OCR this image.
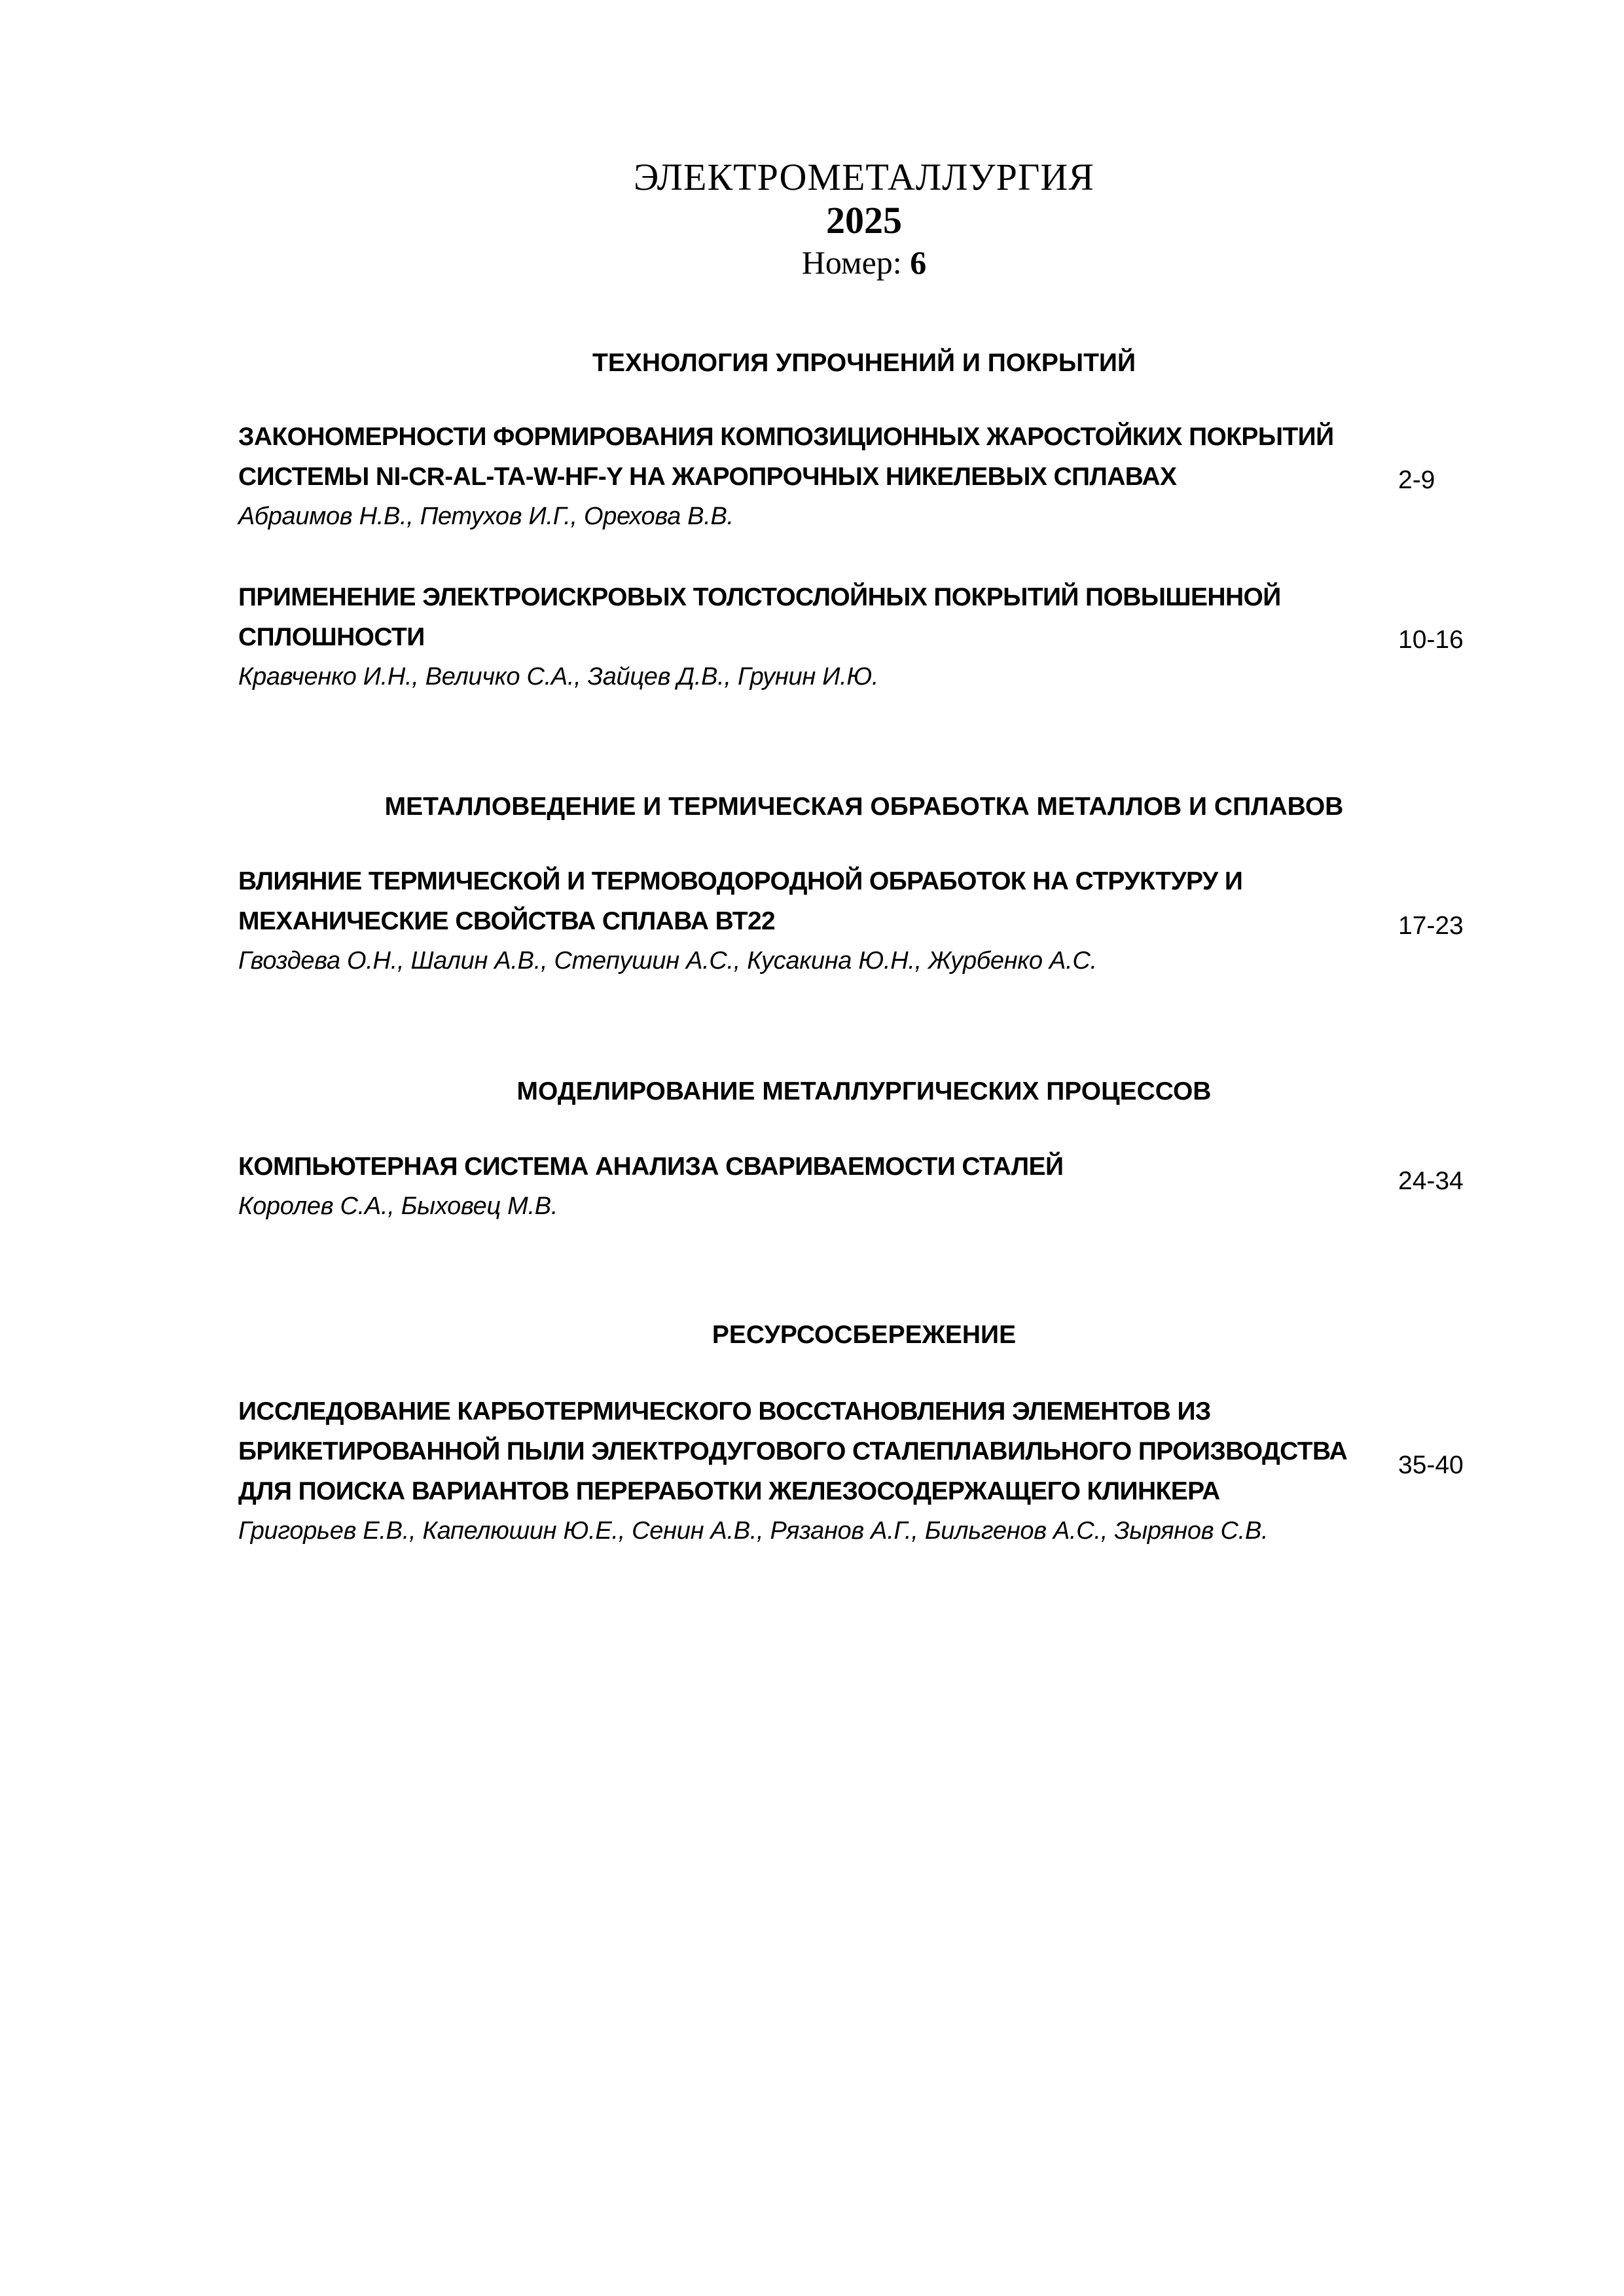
ЭЛЕКТРОМЕТАЛЛУРГИЯ
2025
Номер: 6
ТЕХНОЛОГИЯ УПРОЧНЕНИЙ И ПОКРЫТИЙ
ЗАКОНОМЕРНОСТИ ФОРМИРОВАНИЯ КОМПОЗИЦИОННЫХ ЖАРОСТОЙКИХ ПОКРЫТИЙ
СИСТЕМЫ NI-CR-AL-TA-W-HF-Y НА ЖАРОПРОЧНЫХ НИКЕЛЕВЫХ СПЛАВАХ
Абраимов Н.В., Петухов И.Г., Орехова В.В.
2-9
ПРИМЕНЕНИЕ ЭЛЕКТРОИСКРОВЫХ ТОЛСТОСЛОЙНЫХ ПОКРЫТИЙ ПОВЫШЕННОЙ
СПЛОШНОСТИ
Кравченко И.Н., Величко С.А., Зайцев Д.В., Грунин И.Ю.
10-16
МЕТАЛЛОВЕДЕНИЕ И ТЕРМИЧЕСКАЯ ОБРАБОТКА МЕТАЛЛОВ И СПЛАВОВ
ВЛИЯНИЕ ТЕРМИЧЕСКОЙ И ТЕРМОВОДОРОДНОЙ ОБРАБОТОК НА СТРУКТУРУ И
МЕХАНИЧЕСКИЕ СВОЙСТВА СПЛАВА ВТ22
Гвоздева О.Н., Шалин А.В., Степушин А.С., Кусакина Ю.Н., Журбенко А.С.
17-23
МОДЕЛИРОВАНИЕ МЕТАЛЛУРГИЧЕСКИХ ПРОЦЕССОВ
КОМПЬЮТЕРНАЯ СИСТЕМА АНАЛИЗА СВАРИВАЕМОСТИ СТАЛЕЙ
Королев С.А., Быховец М.В.
24-34
РЕСУРСОСБЕРЕЖЕНИЕ
ИССЛЕДОВАНИЕ КАРБОТЕРМИЧЕСКОГО ВОССТАНОВЛЕНИЯ ЭЛЕМЕНТОВ ИЗ
БРИКЕТИРОВАННОЙ ПЫЛИ ЭЛЕКТРОДУГОВОГО СТАЛЕПЛАВИЛЬНОГО ПРОИЗВОДСТВА
ДЛЯ ПОИСКА ВАРИАНТОВ ПЕРЕРАБОТКИ ЖЕЛЕЗОСОДЕРЖАЩЕГО КЛИНКЕРА
Григорьев Е.В., Капелюшин Ю.Е., Сенин А.В., Рязанов А.Г., Бильгенов А.С., Зырянов С.В.
35-40
